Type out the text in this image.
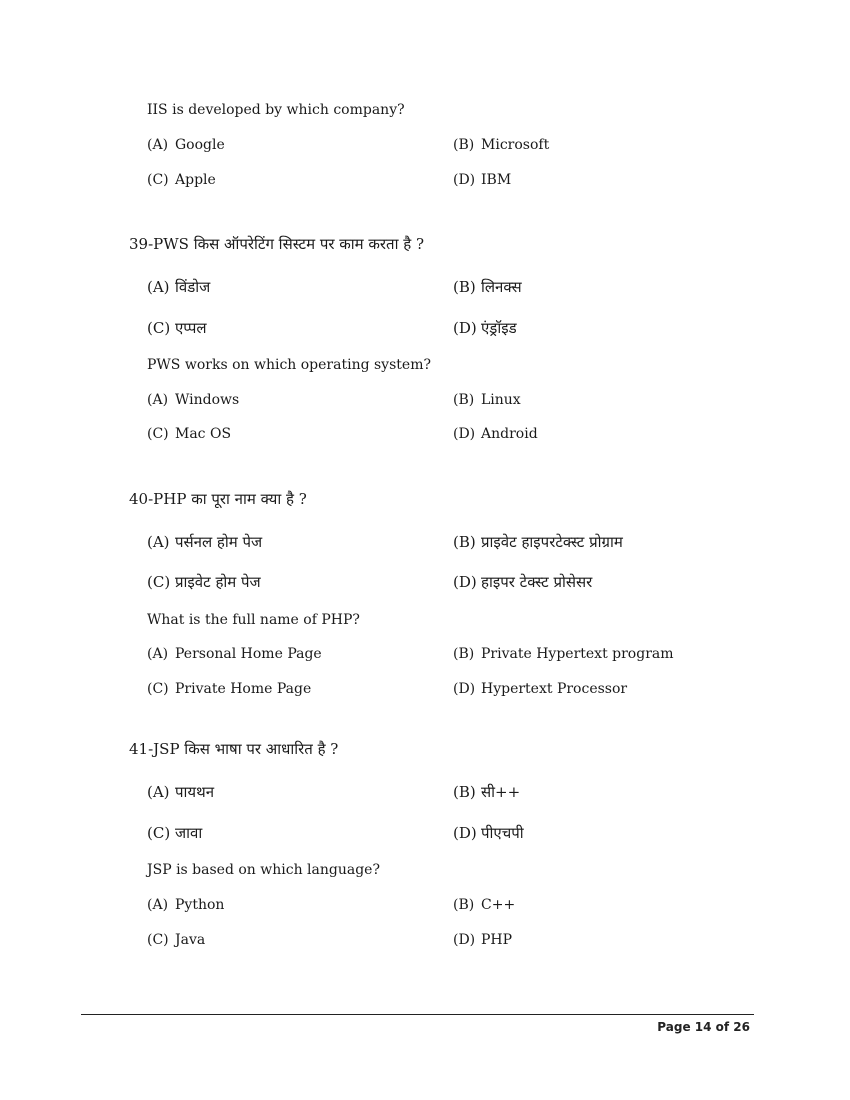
IIS is developed by which company?
(A) Google	(B) Microsoft
(C) Apple	(D) IBM
39-PWS किस ऑपरेटिंग सिस्टम पर काम करता है ?
(A) विंडोज	(B) लिनक्स
(C) एप्पल	(D) एंड्रॉइड
PWS works on which operating system?
(A) Windows	(B) Linux
(C) Mac OS	(D) Android
40-PHP का पूरा नाम क्या है ?
(A) पर्सनल होम पेज	(B) प्राइवेट हाइपरटेक्स्ट प्रोग्राम
(C) प्राइवेट होम पेज	(D) हाइपर टेक्स्ट प्रोसेसर
What is the full name of PHP?
(A) Personal Home Page	(B) Private Hypertext program
(C) Private Home Page	(D) Hypertext Processor
41-JSP किस भाषा पर आधारित है ?
(A) पायथन	(B) सी++
(C) जावा	(D) पीएचपी
JSP is based on which language?
(A) Python	(B) C++
(C) Java	(D) PHP
Page 14 of 26
